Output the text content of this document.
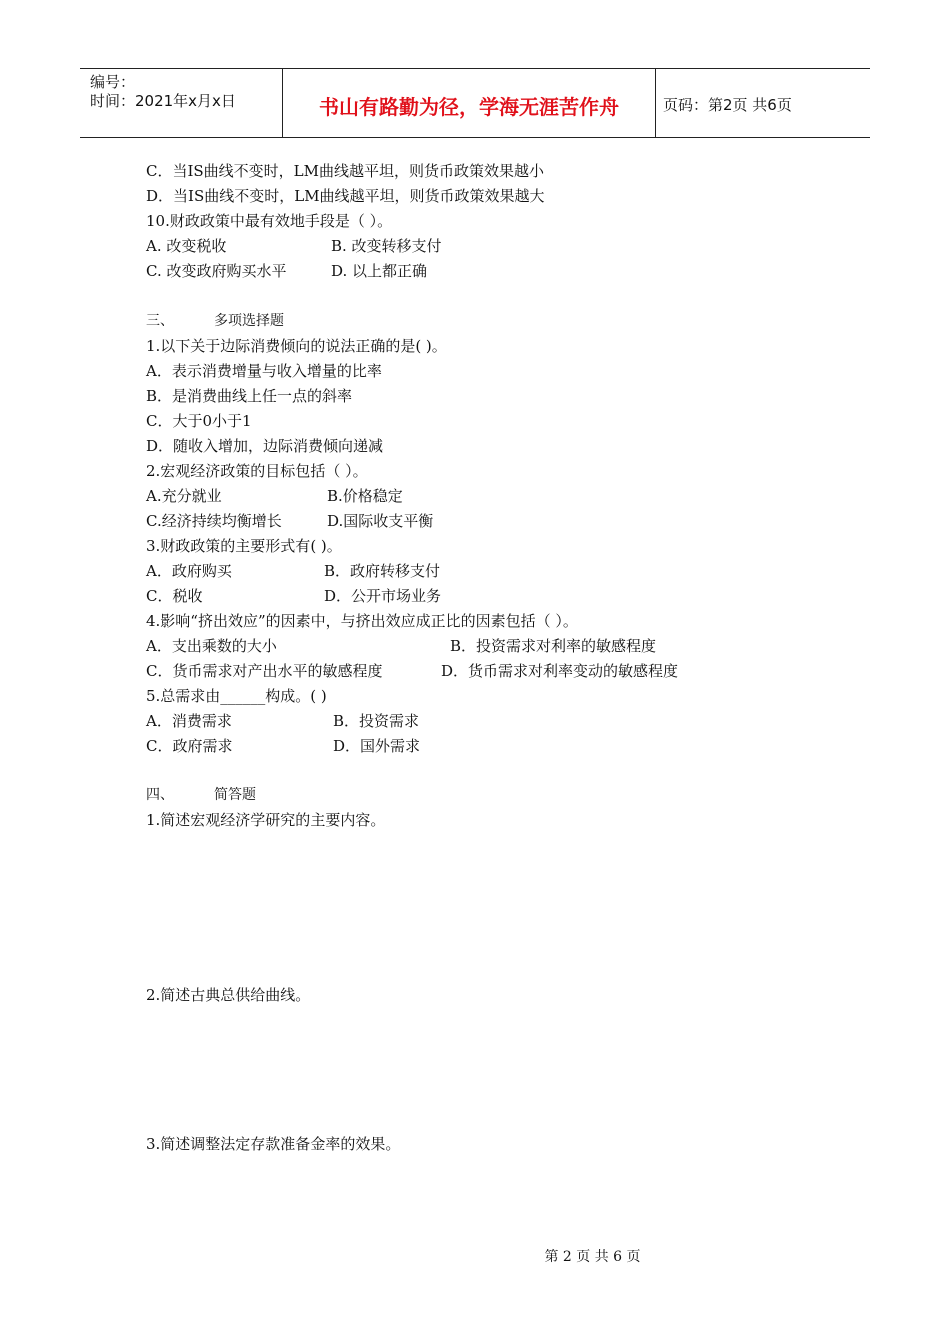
编号：
时间：2021年x月x日	书山有路勤为径，学海无涯苦作舟	页码：第2页 共6页
C．当IS曲线不变时，LM曲线越平坦，则货币政策效果越小
D．当IS曲线不变时，LM曲线越平坦，则货币政策效果越大
10.财政政策中最有效地手段是（ ）。
A. 改变税收	B. 改变转移支付
C. 改变政府购买水平	D. 以上都正确
三、	多项选择题
1.以下关于边际消费倾向的说法正确的是( )。
A．表示消费增量与收入增量的比率
B．是消费曲线上任一点的斜率
C．大于0小于1
D．随收入增加，边际消费倾向递减
2.宏观经济政策的目标包括（ ）。
A.充分就业	B.价格稳定
C.经济持续均衡增长	D.国际收支平衡
3.财政政策的主要形式有( )。
A．政府购买	B．政府转移支付
C．税收	D．公开市场业务
4.影响“挤出效应”的因素中，与挤出效应成正比的因素包括（ ）。
A．支出乘数的大小	B．投资需求对利率的敏感程度
C．货币需求对产出水平的敏感程度	D．货币需求对利率变动的敏感程度
5.总需求由______构成。( )
A．消费需求	B．投资需求
C．政府需求	D．国外需求
四、	简答题
1.简述宏观经济学研究的主要内容。
2.简述古典总供给曲线。
3.简述调整法定存款准备金率的效果。
第 2 页 共 6 页
